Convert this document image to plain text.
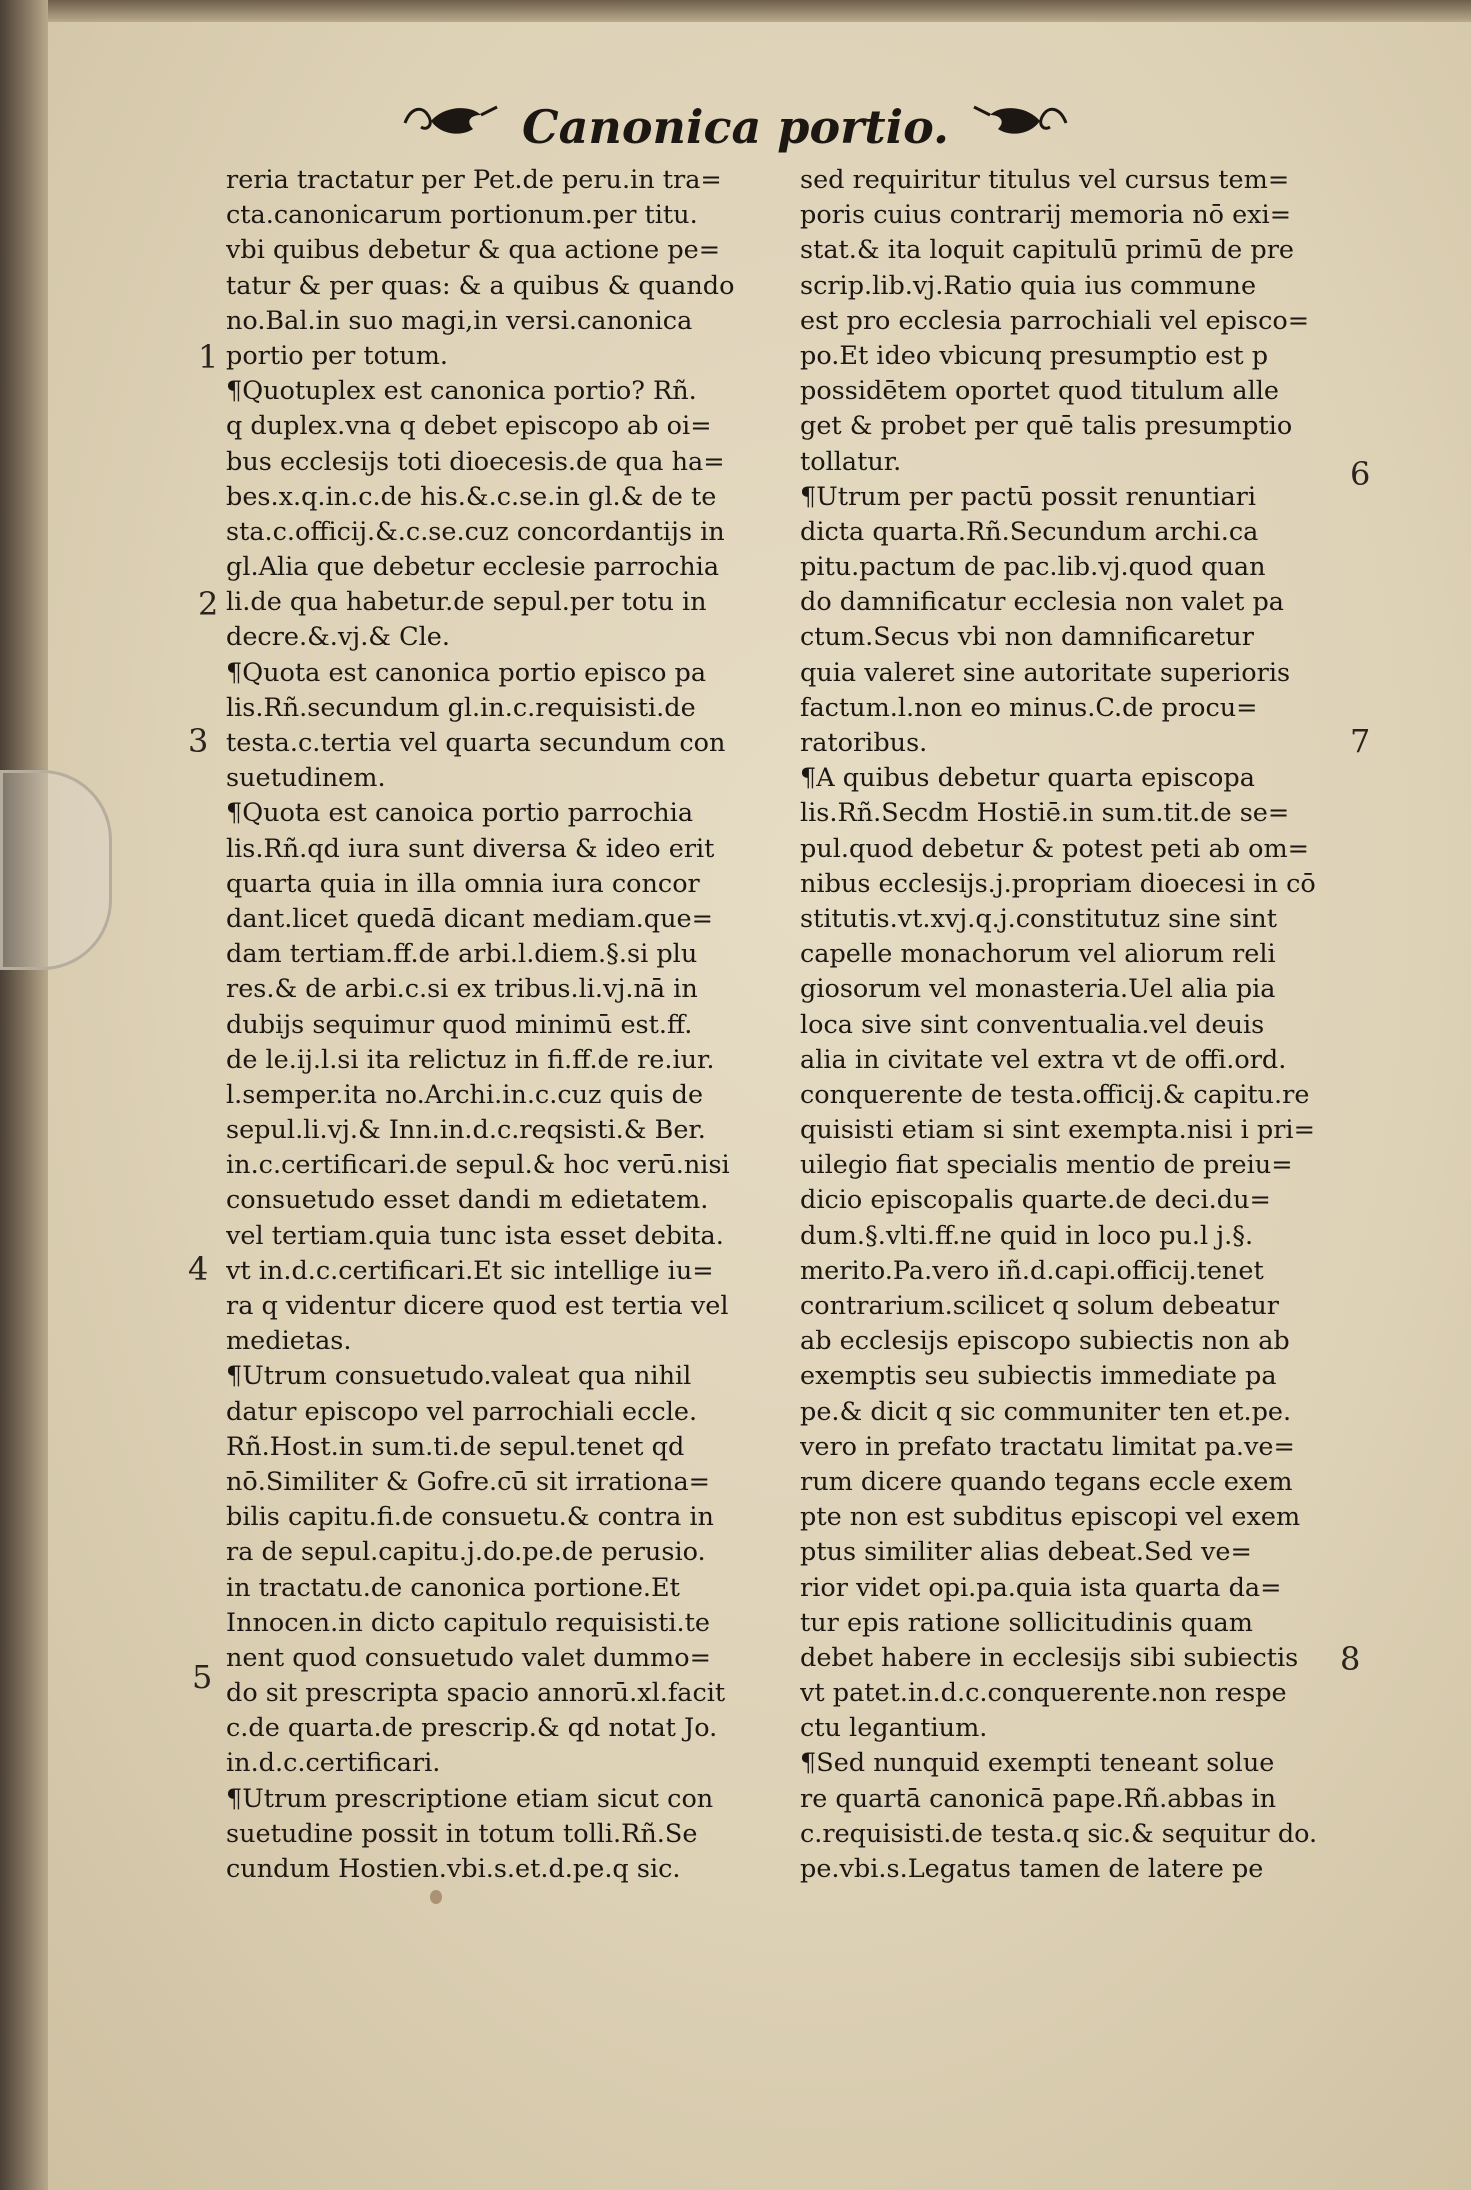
Canonica portio.
reria tractatur per Pet.de peru.in tra=
cta.canonicarum portionum.per titu.
vbi quibus debetur & qua actione pe=
tatur & per quas: & a quibus & quando
no.Bal.in suo magi,in versi.canonica
portio per totum.
¶Quotuplex est canonica portio? Rñ.
q duplex.vna q debet episcopo ab oi=
bus ecclesijs toti dioecesis.de qua ha=
bes.x.q.in.c.de his.&.c.se.in gl.& de te
sta.c.officij.&.c.se.cuz concordantijs in
gl.Alia que debetur ecclesie parrochia
li.de qua habetur.de sepul.per totu in
decre.&.vj.& Cle.
¶Quota est canonica portio episco pa
lis.Rñ.secundum gl.in.c.requisisti.de
testa.c.tertia vel quarta secundum con
suetudinem.
¶Quota est canoica portio parrochia
lis.Rñ.qd iura sunt diversa & ideo erit
quarta quia in illa omnia iura concor
dant.licet quedā dicant mediam.que=
dam tertiam.ff.de arbi.l.diem.§.si plu
res.& de arbi.c.si ex tribus.li.vj.nā in
dubijs sequimur quod minimū est.ff.
de le.ij.l.si ita relictuz in fi.ff.de re.iur.
l.semper.ita no.Archi.in.c.cuz quis de
sepul.li.vj.& Inn.in.d.c.reqsisti.& Ber.
in.c.certificari.de sepul.& hoc verū.nisi
consuetudo esset dandi m edietatem.
vel tertiam.quia tunc ista esset debita.
vt in.d.c.certificari.Et sic intellige iu=
ra q videntur dicere quod est tertia vel
medietas.
¶Utrum consuetudo.valeat qua nihil
datur episcopo vel parrochiali eccle.
Rñ.Host.in sum.ti.de sepul.tenet qd
nō.Similiter & Gofre.cū sit irrationa=
bilis capitu.fi.de consuetu.& contra in
ra de sepul.capitu.j.do.pe.de perusio.
in tractatu.de canonica portione.Et
Innocen.in dicto capitulo requisisti.te
nent quod consuetudo valet dummo=
do sit prescripta spacio annorū.xl.facit
c.de quarta.de prescrip.& qd notat Jo.
in.d.c.certificari.
¶Utrum prescriptione etiam sicut con
suetudine possit in totum tolli.Rñ.Se
cundum Hostien.vbi.s.et.d.pe.q sic.
sed requiritur titulus vel cursus tem=
poris cuius contrarij memoria nō exi=
stat.& ita loquit capitulū primū de pre
scrip.lib.vj.Ratio quia ius commune
est pro ecclesia parrochiali vel episco=
po.Et ideo vbicunq presumptio est p
possidētem oportet quod titulum alle
get & probet per quē talis presumptio
tollatur.
¶Utrum per pactū possit renuntiari
dicta quarta.Rñ.Secundum archi.ca
pitu.pactum de pac.lib.vj.quod quan
do damnificatur ecclesia non valet pa
ctum.Secus vbi non damnificaretur
quia valeret sine autoritate superioris
factum.l.non eo minus.C.de procu=
ratoribus.
¶A quibus debetur quarta episcopa
lis.Rñ.Secdm Hostiē.in sum.tit.de se=
pul.quod debetur & potest peti ab om=
nibus ecclesijs.j.propriam dioecesi in cō
stitutis.vt.xvj.q.j.constitutuz sine sint
capelle monachorum vel aliorum reli
giosorum vel monasteria.Uel alia pia
loca sive sint conventualia.vel deuis
alia in civitate vel extra vt de offi.ord.
conquerente de testa.officij.& capitu.re
quisisti etiam si sint exempta.nisi i pri=
uilegio fiat specialis mentio de preiu=
dicio episcopalis quarte.de deci.du=
dum.§.vlti.ff.ne quid in loco pu.l j.§.
merito.Pa.vero iñ.d.capi.officij.tenet
contrarium.scilicet q solum debeatur
ab ecclesijs episcopo subiectis non ab
exemptis seu subiectis immediate pa
pe.& dicit q sic communiter ten et.pe.
vero in prefato tractatu limitat pa.ve=
rum dicere quando tegans eccle exem
pte non est subditus episcopi vel exem
ptus similiter alias debeat.Sed ve=
rior videt opi.pa.quia ista quarta da=
tur epis ratione sollicitudinis quam
debet habere in ecclesijs sibi subiectis
vt patet.in.d.c.conquerente.non respe
ctu legantium.
¶Sed nunquid exempti teneant solue
re quartā canonicā pape.Rñ.abbas in
c.requisisti.de testa.q sic.& sequitur do.
pe.vbi.s.Legatus tamen de latere pe
1
2
3
4
5
6
7
8
